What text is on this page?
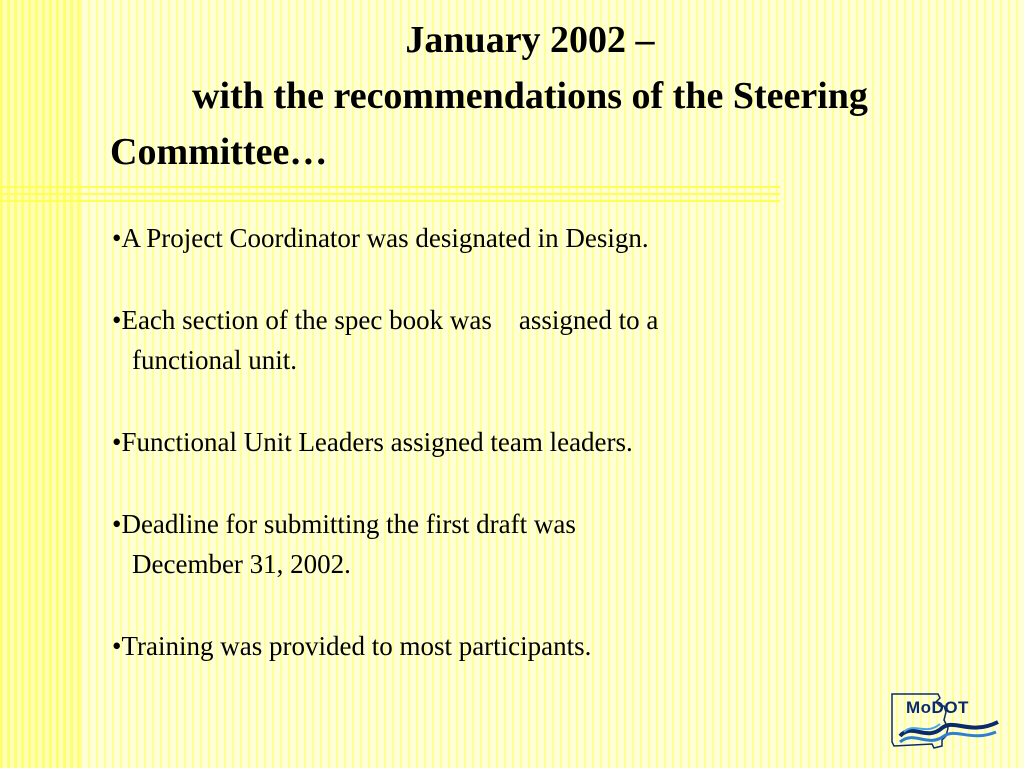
January 2002 –
with the recommendations of the Steering
Committee…
•A Project Coordinator was designated in Design.
•Each section of the spec book was    assigned to a
functional unit.
•Functional Unit Leaders assigned team leaders.
•Deadline for submitting the first draft was
December 31, 2002.
•Training was provided to most participants.
MoDOT
